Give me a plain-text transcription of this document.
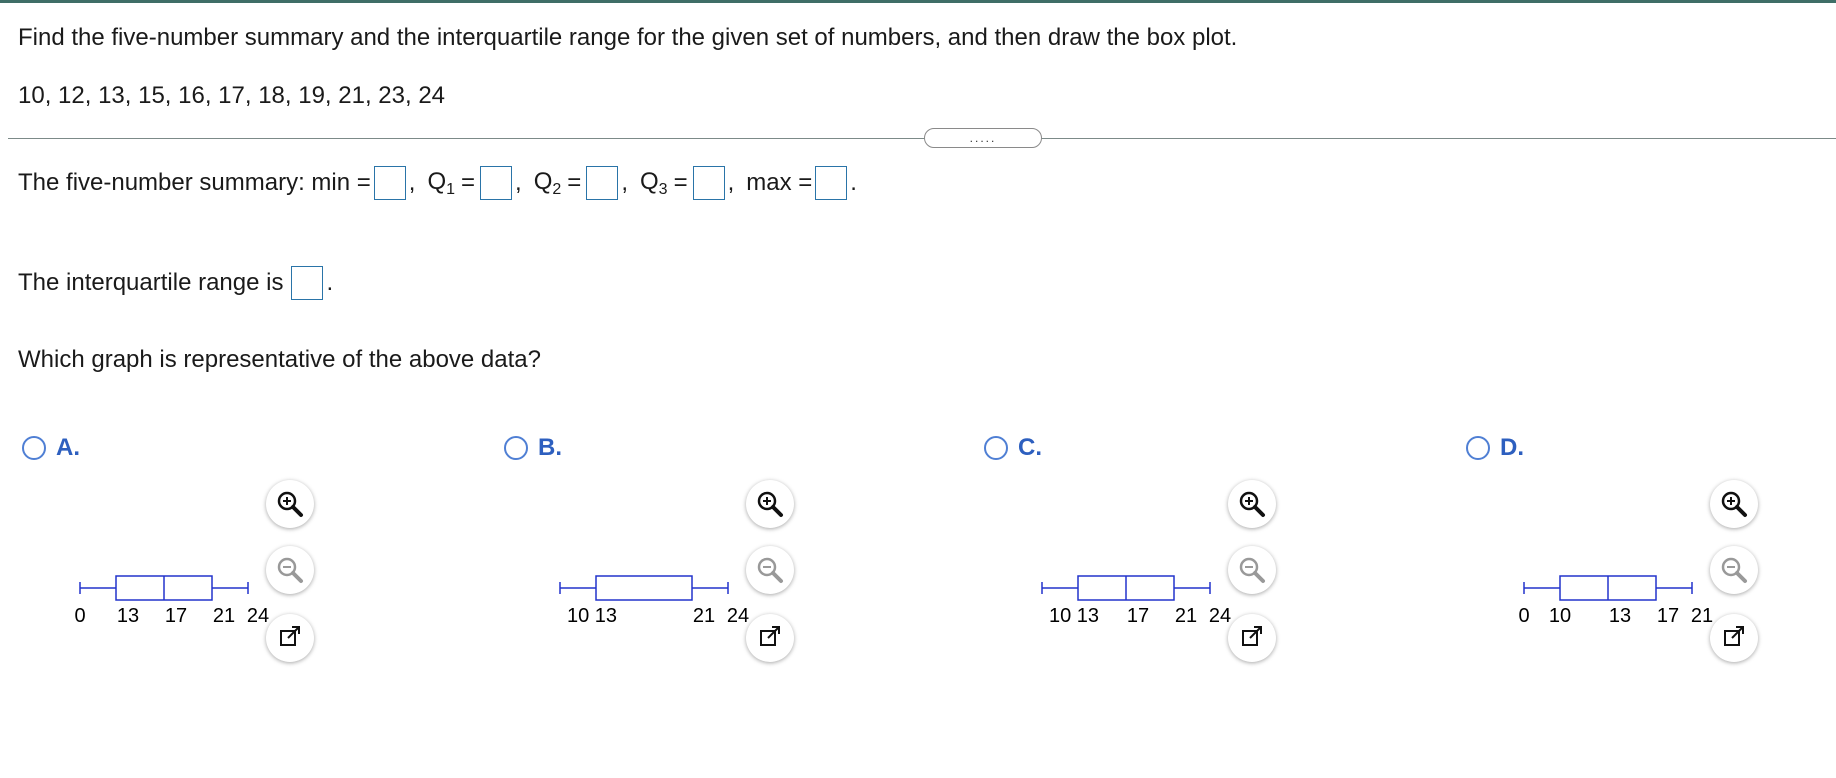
Find the five-number summary and the interquartile range for the given set of numbers, and then draw the box plot.

10, 12, 13, 15, 16, 17, 18, 19, 21, 23, 24

.....
The five-number summary: min = , $Q_1$ = , $Q_2$ = , $Q_3$ = , max = .
The interquartile range is .

Which graph is representative of the above data?

A.
0 13 17 21 24
B.
10 13	21 24
C.
10 13 17 21 24
D.
0 10 13 17 21
